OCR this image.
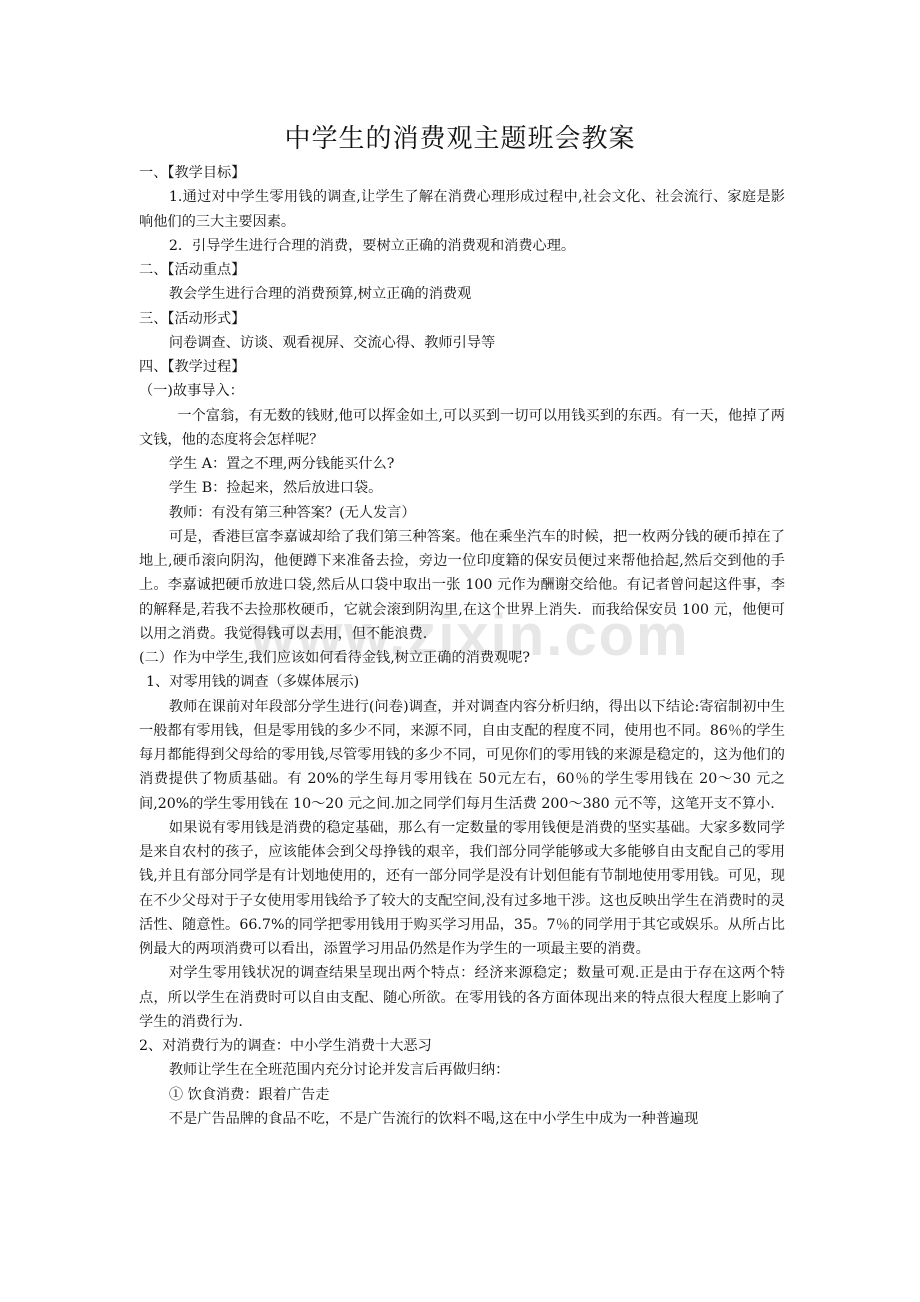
www.zixin.com
中学生的消费观主题班会教案

一、【教学目标】

1.通过对中学生零用钱的调查,让学生了解在消费心理形成过程中,社会文化、社会流行、家庭是影响他们的三大主要因素。

2．引导学生进行合理的消费，要树立正确的消费观和消费心理。

二、【活动重点】

教会学生进行合理的消费预算,树立正确的消费观

三、【活动形式】

问卷调查、访谈、观看视屏、交流心得、教师引导等

四、【教学过程】

（一)故事导入：

一个富翁，有无数的钱财,他可以挥金如土,可以买到一切可以用钱买到的东西。有一天，他掉了两文钱，他的态度将会怎样呢？

学生 A：置之不理,两分钱能买什么?

学生 B：捡起来，然后放进口袋。

教师：有没有第三种答案？(无人发言）

可是，香港巨富李嘉诚却给了我们第三种答案。他在乘坐汽车的时候，把一枚两分钱的硬币掉在了地上,硬币滚向阴沟，他便蹲下来准备去捡，旁边一位印度籍的保安员便过来帮他拾起,然后交到他的手上。李嘉诚把硬币放进口袋,然后从口袋中取出一张 100 元作为酬谢交给他。有记者曾问起这件事，李的解释是,若我不去捡那枚硬币，它就会滚到阴沟里,在这个世界上消失．而我给保安员 100 元，他便可以用之消费。我觉得钱可以去用，但不能浪费.

(二）作为中学生,我们应该如何看待金钱,树立正确的消费观呢?

1、对零用钱的调查（多媒体展示)

教师在课前对年段部分学生进行(问卷)调查，并对调查内容分析归纳，得出以下结论:寄宿制初中生一般都有零用钱，但是零用钱的多少不同，来源不同，自由支配的程度不同，使用也不同。86％的学生每月都能得到父母给的零用钱,尽管零用钱的多少不同，可见你们的零用钱的来源是稳定的，这为他们的消费提供了物质基础。有 20%的学生每月零用钱在 50元左右，60％的学生零用钱在 20～30 元之间,20%的学生零用钱在 10～20 元之间.加之同学们每月生活费 200～380 元不等，这笔开支不算小.

如果说有零用钱是消费的稳定基础，那么有一定数量的零用钱便是消费的坚实基础。大家多数同学是来自农村的孩子，应该能体会到父母挣钱的艰辛，我们部分同学能够或大多能够自由支配自己的零用钱,并且有部分同学是有计划地使用的，还有一部分同学是没有计划但能有节制地使用零用钱。可见，现在不少父母对于子女使用零用钱给予了较大的支配空间,没有过多地干涉。这也反映出学生在消费时的灵活性、随意性。66.7%的同学把零用钱用于购买学习用品，35。7％的同学用于其它或娱乐。从所占比例最大的两项消费可以看出，添置学习用品仍然是作为学生的一项最主要的消费。

对学生零用钱状况的调查结果呈现出两个特点：经济来源稳定；数量可观.正是由于存在这两个特点，所以学生在消费时可以自由支配、随心所欲。在零用钱的各方面体现出来的特点很大程度上影响了学生的消费行为.

2、对消费行为的调查：中小学生消费十大恶习

教师让学生在全班范围内充分讨论并发言后再做归纳：

① 饮食消费：跟着广告走

不是广告品牌的食品不吃，不是广告流行的饮料不喝,这在中小学生中成为一种普遍现
